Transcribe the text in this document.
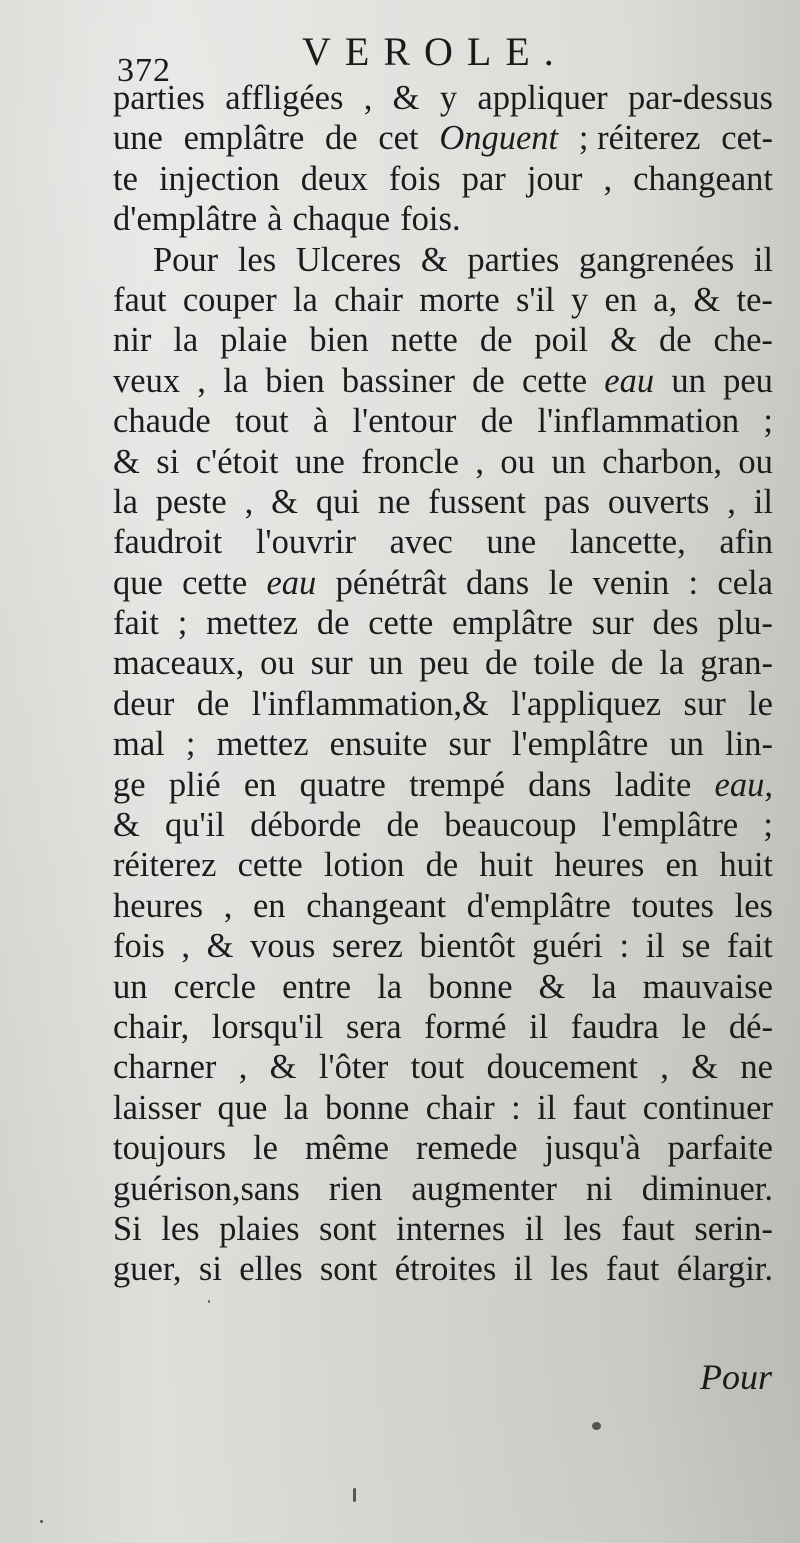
372	VEROLE.
parties affligées , & y appliquer par-dessus
une emplâtre de cet Onguent ; réiterez cet-
te injection deux fois par jour , changeant
d'emplâtre à chaque fois.
Pour les Ulceres & parties gangrenées il
faut couper la chair morte s'il y en a, & te-
nir la plaie bien nette de poil & de che-
veux , la bien bassiner de cette eau un peu
chaude tout à l'entour de l'inflammation ;
& si c'étoit une froncle , ou un charbon, ou
la peste , & qui ne fussent pas ouverts , il
faudroit l'ouvrir avec une lancette, afin
que cette eau pénétrât dans le venin : cela
fait ; mettez de cette emplâtre sur des plu-
maceaux, ou sur un peu de toile de la gran-
deur de l'inflammation,& l'appliquez sur le
mal ; mettez ensuite sur l'emplâtre un lin-
ge plié en quatre trempé dans ladite eau,
& qu'il déborde de beaucoup l'emplâtre ;
réiterez cette lotion de huit heures en huit
heures , en changeant d'emplâtre toutes les
fois , & vous serez bientôt guéri : il se fait
un cercle entre la bonne & la mauvaise
chair, lorsqu'il sera formé il faudra le dé-
charner , & l'ôter tout doucement , & ne
laisser que la bonne chair : il faut continuer
toujours le même remede jusqu'à parfaite
guérison,sans rien augmenter ni diminuer.
Si les plaies sont internes il les faut serin-
guer, si elles sont étroites il les faut élargir.
Pour
